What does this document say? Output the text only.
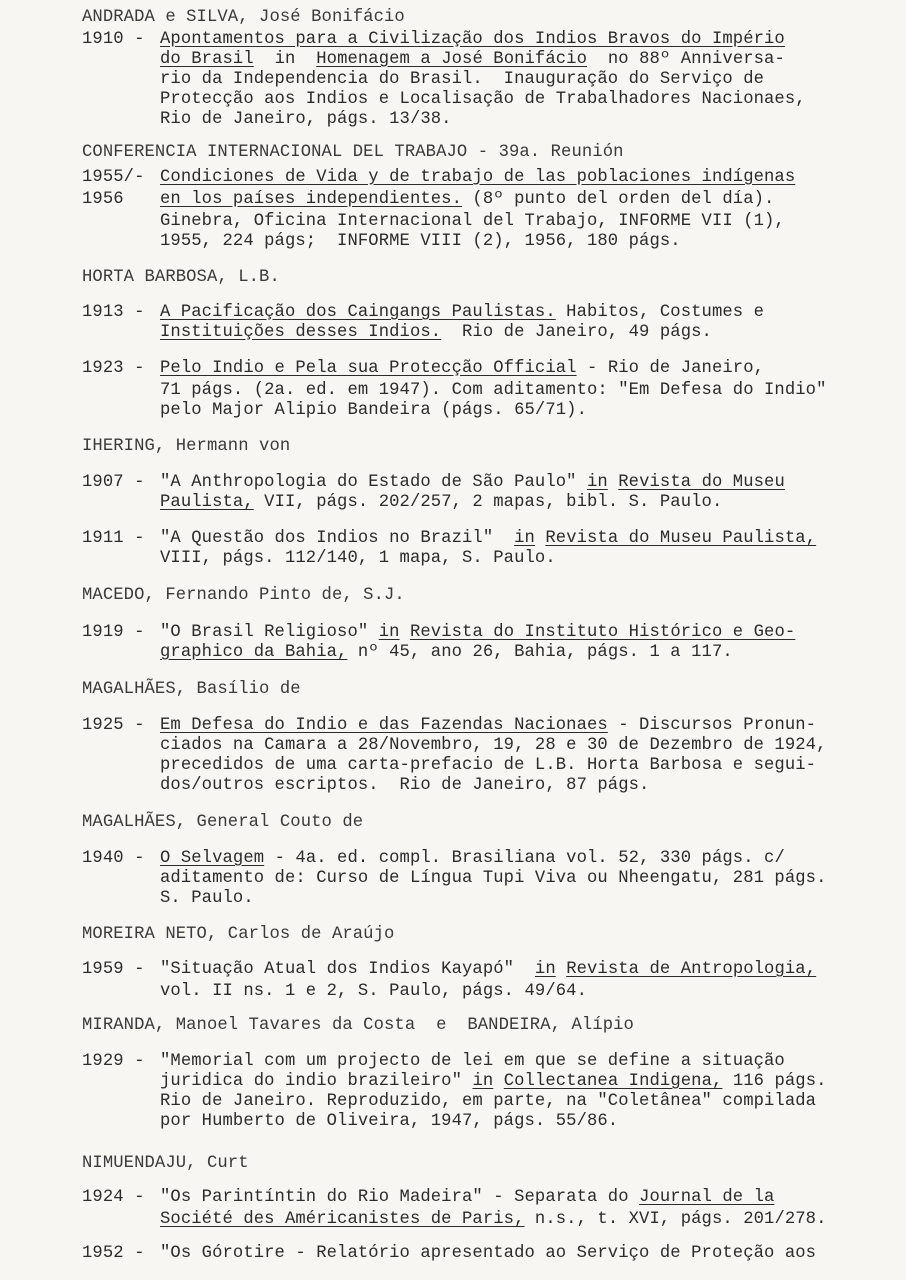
ANDRADA e SILVA, José Bonifácio
1910 - Apontamentos para a Civilização dos Indios Bravos do Império
do Brasil  in  Homenagem a José Bonifácio  no 88º Anniversa-
rio da Independencia do Brasil.  Inauguração do Serviço de
Protecção aos Indios e Localisação de Trabalhadores Nacionaes,
Rio de Janeiro, págs. 13/38.
CONFERENCIA INTERNACIONAL DEL TRABAJO - 39a. Reunión
1955/- Condiciones de Vida y de trabajo de las poblaciones indígenas
1956 en los países independientes. (8º punto del orden del día).
Ginebra, Oficina Internacional del Trabajo, INFORME VII (1),
1955, 224 págs;  INFORME VIII (2), 1956, 180 págs.
HORTA BARBOSA, L.B.
1913 - A Pacificação dos Caingangs Paulistas. Habitos, Costumes e
Instituições desses Indios.  Rio de Janeiro, 49 págs.
1923 - Pelo Indio e Pela sua Protecção Official - Rio de Janeiro,
71 págs. (2a. ed. em 1947). Com aditamento: "Em Defesa do Indio"
pelo Major Alipio Bandeira (págs. 65/71).
IHERING, Hermann von
1907 - "A Anthropologia do Estado de São Paulo" in Revista do Museu
Paulista, VII, págs. 202/257, 2 mapas, bibl. S. Paulo.
1911 - "A Questão dos Indios no Brazil"  in Revista do Museu Paulista,
VIII, págs. 112/140, 1 mapa, S. Paulo.
MACEDO, Fernando Pinto de, S.J.
1919 - "O Brasil Religioso" in Revista do Instituto Histórico e Geo-
graphico da Bahia, nº 45, ano 26, Bahia, págs. 1 a 117.
MAGALHÃES, Basílio de
1925 - Em Defesa do Indio e das Fazendas Nacionaes - Discursos Pronun-
ciados na Camara a 28/Novembro, 19, 28 e 30 de Dezembro de 1924,
precedidos de uma carta-prefacio de L.B. Horta Barbosa e segui-
dos/outros escriptos.  Rio de Janeiro, 87 págs.
MAGALHÃES, General Couto de
1940 - O Selvagem - 4a. ed. compl. Brasiliana vol. 52, 330 págs. c/
aditamento de: Curso de Língua Tupi Viva ou Nheengatu, 281 págs.
S. Paulo.
MOREIRA NETO, Carlos de Araújo
1959 - "Situação Atual dos Indios Kayapó"  in Revista de Antropologia,
vol. II ns. 1 e 2, S. Paulo, págs. 49/64.
MIRANDA, Manoel Tavares da Costa  e  BANDEIRA, Alípio
1929 - "Memorial com um projecto de lei em que se define a situação
juridica do indio brazileiro" in Collectanea Indigena, 116 págs.
Rio de Janeiro. Reproduzido, em parte, na "Coletânea" compilada
por Humberto de Oliveira, 1947, págs. 55/86.
NIMUENDAJU, Curt
1924 - "Os Parintíntin do Rio Madeira" - Separata do Journal de la
Société des Américanistes de Paris, n.s., t. XVI, págs. 201/278.
1952 - "Os Górotire - Relatório apresentado ao Serviço de Proteção aos
